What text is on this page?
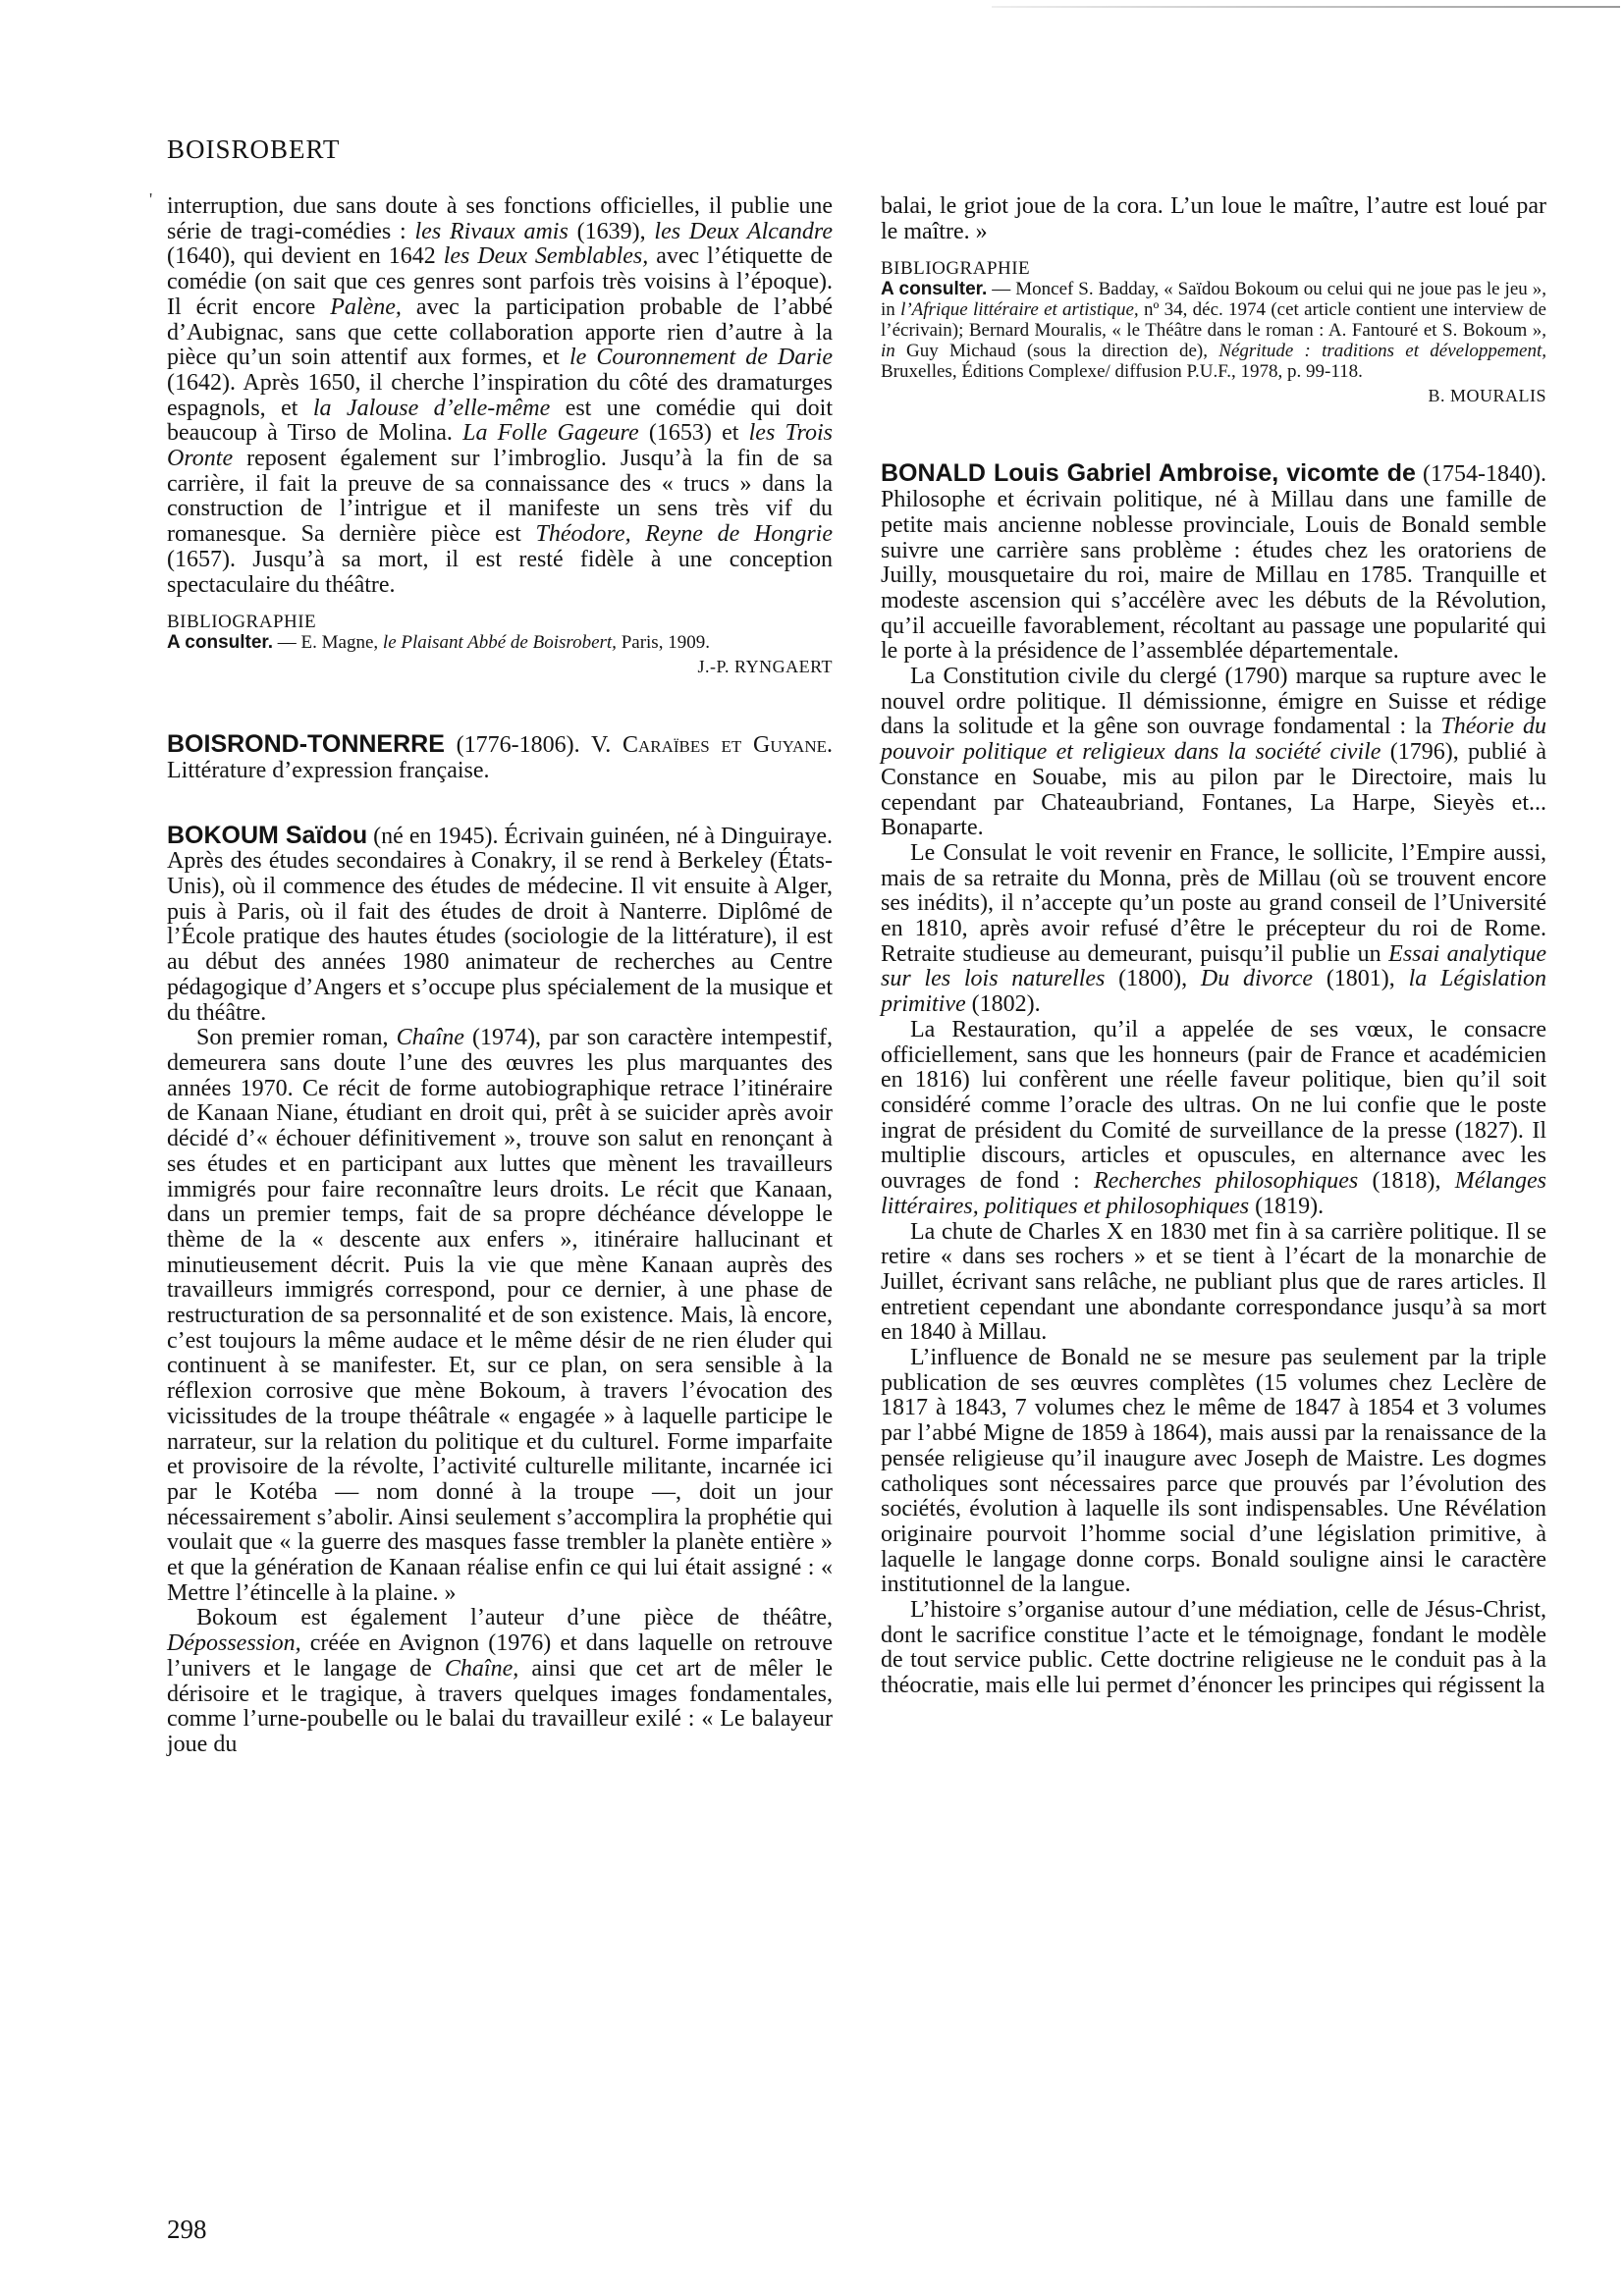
BOISROBERT
' interruption, due sans doute à ses fonctions officielles, il publie une série de tragi-comédies : les Rivaux amis (1639), les Deux Alcandre (1640), qui devient en 1642 les Deux Semblables, avec l’étiquette de comédie (on sait que ces genres sont parfois très voisins à l’époque). Il écrit encore Palène, avec la participation probable de l’abbé d’Aubignac, sans que cette collaboration apporte rien d’autre à la pièce qu’un soin attentif aux formes, et le Couronnement de Darie (1642). Après 1650, il cherche l’inspiration du côté des dramaturges espagnols, et la Jalouse d’elle-même est une comédie qui doit beaucoup à Tirso de Molina. La Folle Gageure (1653) et les Trois Oronte reposent également sur l’imbroglio. Jusqu’à la fin de sa carrière, il fait la preuve de sa connaissance des « trucs » dans la construction de l’intrigue et il manifeste un sens très vif du romanesque. Sa dernière pièce est Théodore, Reyne de Hongrie (1657). Jusqu’à sa mort, il est resté fidèle à une conception spectaculaire du théâtre.

BIBLIOGRAPHIE

A consulter. — E. Magne, le Plaisant Abbé de Boisrobert, Paris, 1909.

J.-P. RYNGAERT

BOISROND-TONNERRE (1776-1806). V. Caraïbes et Guyane. Littérature d’expression française.

BOKOUM Saïdou (né en 1945). Écrivain guinéen, né à Dinguiraye. Après des études secondaires à Conakry, il se rend à Berkeley (États-Unis), où il commence des études de médecine. Il vit ensuite à Alger, puis à Paris, où il fait des études de droit à Nanterre. Diplômé de l’École pratique des hautes études (sociologie de la littérature), il est au début des années 1980 animateur de recherches au Centre pédagogique d’Angers et s’occupe plus spécialement de la musique et du théâtre.

Son premier roman, Chaîne (1974), par son caractère intempestif, demeurera sans doute l’une des œuvres les plus marquantes des années 1970. Ce récit de forme autobiographique retrace l’itinéraire de Kanaan Niane, étudiant en droit qui, prêt à se suicider après avoir décidé d’« échouer définitivement », trouve son salut en renonçant à ses études et en participant aux luttes que mènent les travailleurs immigrés pour faire reconnaître leurs droits. Le récit que Kanaan, dans un premier temps, fait de sa propre déchéance développe le thème de la « descente aux enfers », itinéraire hallucinant et minutieusement décrit. Puis la vie que mène Kanaan auprès des travailleurs immigrés correspond, pour ce dernier, à une phase de restructuration de sa personnalité et de son existence. Mais, là encore, c’est toujours la même audace et le même désir de ne rien éluder qui continuent à se manifester. Et, sur ce plan, on sera sensible à la réflexion corrosive que mène Bokoum, à travers l’évocation des vicissitudes de la troupe théâtrale « engagée » à laquelle participe le narrateur, sur la relation du politique et du culturel. Forme imparfaite et provisoire de la révolte, l’activité culturelle militante, incarnée ici par le Kotéba — nom donné à la troupe —, doit un jour nécessairement s’abolir. Ainsi seulement s’accomplira la prophétie qui voulait que « la guerre des masques fasse trembler la planète entière » et que la génération de Kanaan réalise enfin ce qui lui était assigné : « Mettre l’étincelle à la plaine. »

Bokoum est également l’auteur d’une pièce de théâtre, Dépossession, créée en Avignon (1976) et dans laquelle on retrouve l’univers et le langage de Chaîne, ainsi que cet art de mêler le dérisoire et le tragique, à travers quelques images fondamentales, comme l’urne-poubelle ou le balai du travailleur exilé : « Le balayeur joue du

balai, le griot joue de la cora. L’un loue le maître, l’autre est loué par le maître. »

BIBLIOGRAPHIE

A consulter. — Moncef S. Badday, « Saïdou Bokoum ou celui qui ne joue pas le jeu », in l’Afrique littéraire et artistique, nº 34, déc. 1974 (cet article contient une interview de l’écrivain); Bernard Mouralis, « le Théâtre dans le roman : A. Fantouré et S. Bokoum », in Guy Michaud (sous la direction de), Négritude : traditions et développement, Bruxelles, Éditions Complexe/ diffusion P.U.F., 1978, p. 99-118.

B. MOURALIS

BONALD Louis Gabriel Ambroise, vicomte de (1754-1840). Philosophe et écrivain politique, né à Millau dans une famille de petite mais ancienne noblesse provinciale, Louis de Bonald semble suivre une carrière sans problème : études chez les oratoriens de Juilly, mousquetaire du roi, maire de Millau en 1785. Tranquille et modeste ascension qui s’accélère avec les débuts de la Révolution, qu’il accueille favorablement, récoltant au passage une popularité qui le porte à la présidence de l’assemblée départementale.

La Constitution civile du clergé (1790) marque sa rupture avec le nouvel ordre politique. Il démissionne, émigre en Suisse et rédige dans la solitude et la gêne son ouvrage fondamental : la Théorie du pouvoir politique et religieux dans la société civile (1796), publié à Constance en Souabe, mis au pilon par le Directoire, mais lu cependant par Chateaubriand, Fontanes, La Harpe, Sieyès et... Bonaparte.

Le Consulat le voit revenir en France, le sollicite, l’Empire aussi, mais de sa retraite du Monna, près de Millau (où se trouvent encore ses inédits), il n’accepte qu’un poste au grand conseil de l’Université en 1810, après avoir refusé d’être le précepteur du roi de Rome. Retraite studieuse au demeurant, puisqu’il publie un Essai analytique sur les lois naturelles (1800), Du divorce (1801), la Législation primitive (1802).

La Restauration, qu’il a appelée de ses vœux, le consacre officiellement, sans que les honneurs (pair de France et académicien en 1816) lui confèrent une réelle faveur politique, bien qu’il soit considéré comme l’oracle des ultras. On ne lui confie que le poste ingrat de président du Comité de surveillance de la presse (1827). Il multiplie discours, articles et opuscules, en alternance avec les ouvrages de fond : Recherches philosophiques (1818), Mélanges littéraires, politiques et philosophiques (1819).

La chute de Charles X en 1830 met fin à sa carrière politique. Il se retire « dans ses rochers » et se tient à l’écart de la monarchie de Juillet, écrivant sans relâche, ne publiant plus que de rares articles. Il entretient cependant une abondante correspondance jusqu’à sa mort en 1840 à Millau.

L’influence de Bonald ne se mesure pas seulement par la triple publication de ses œuvres complètes (15 volumes chez Leclère de 1817 à 1843, 7 volumes chez le même de 1847 à 1854 et 3 volumes par l’abbé Migne de 1859 à 1864), mais aussi par la renaissance de la pensée religieuse qu’il inaugure avec Joseph de Maistre. Les dogmes catholiques sont nécessaires parce que prouvés par l’évolution des sociétés, évolution à laquelle ils sont indispensables. Une Révélation originaire pourvoit l’homme social d’une législation primitive, à laquelle le langage donne corps. Bonald souligne ainsi le caractère institutionnel de la langue.

L’histoire s’organise autour d’une médiation, celle de Jésus-Christ, dont le sacrifice constitue l’acte et le témoignage, fondant le modèle de tout service public. Cette doctrine religieuse ne le conduit pas à la théocratie, mais elle lui permet d’énoncer les principes qui régissent la

298
